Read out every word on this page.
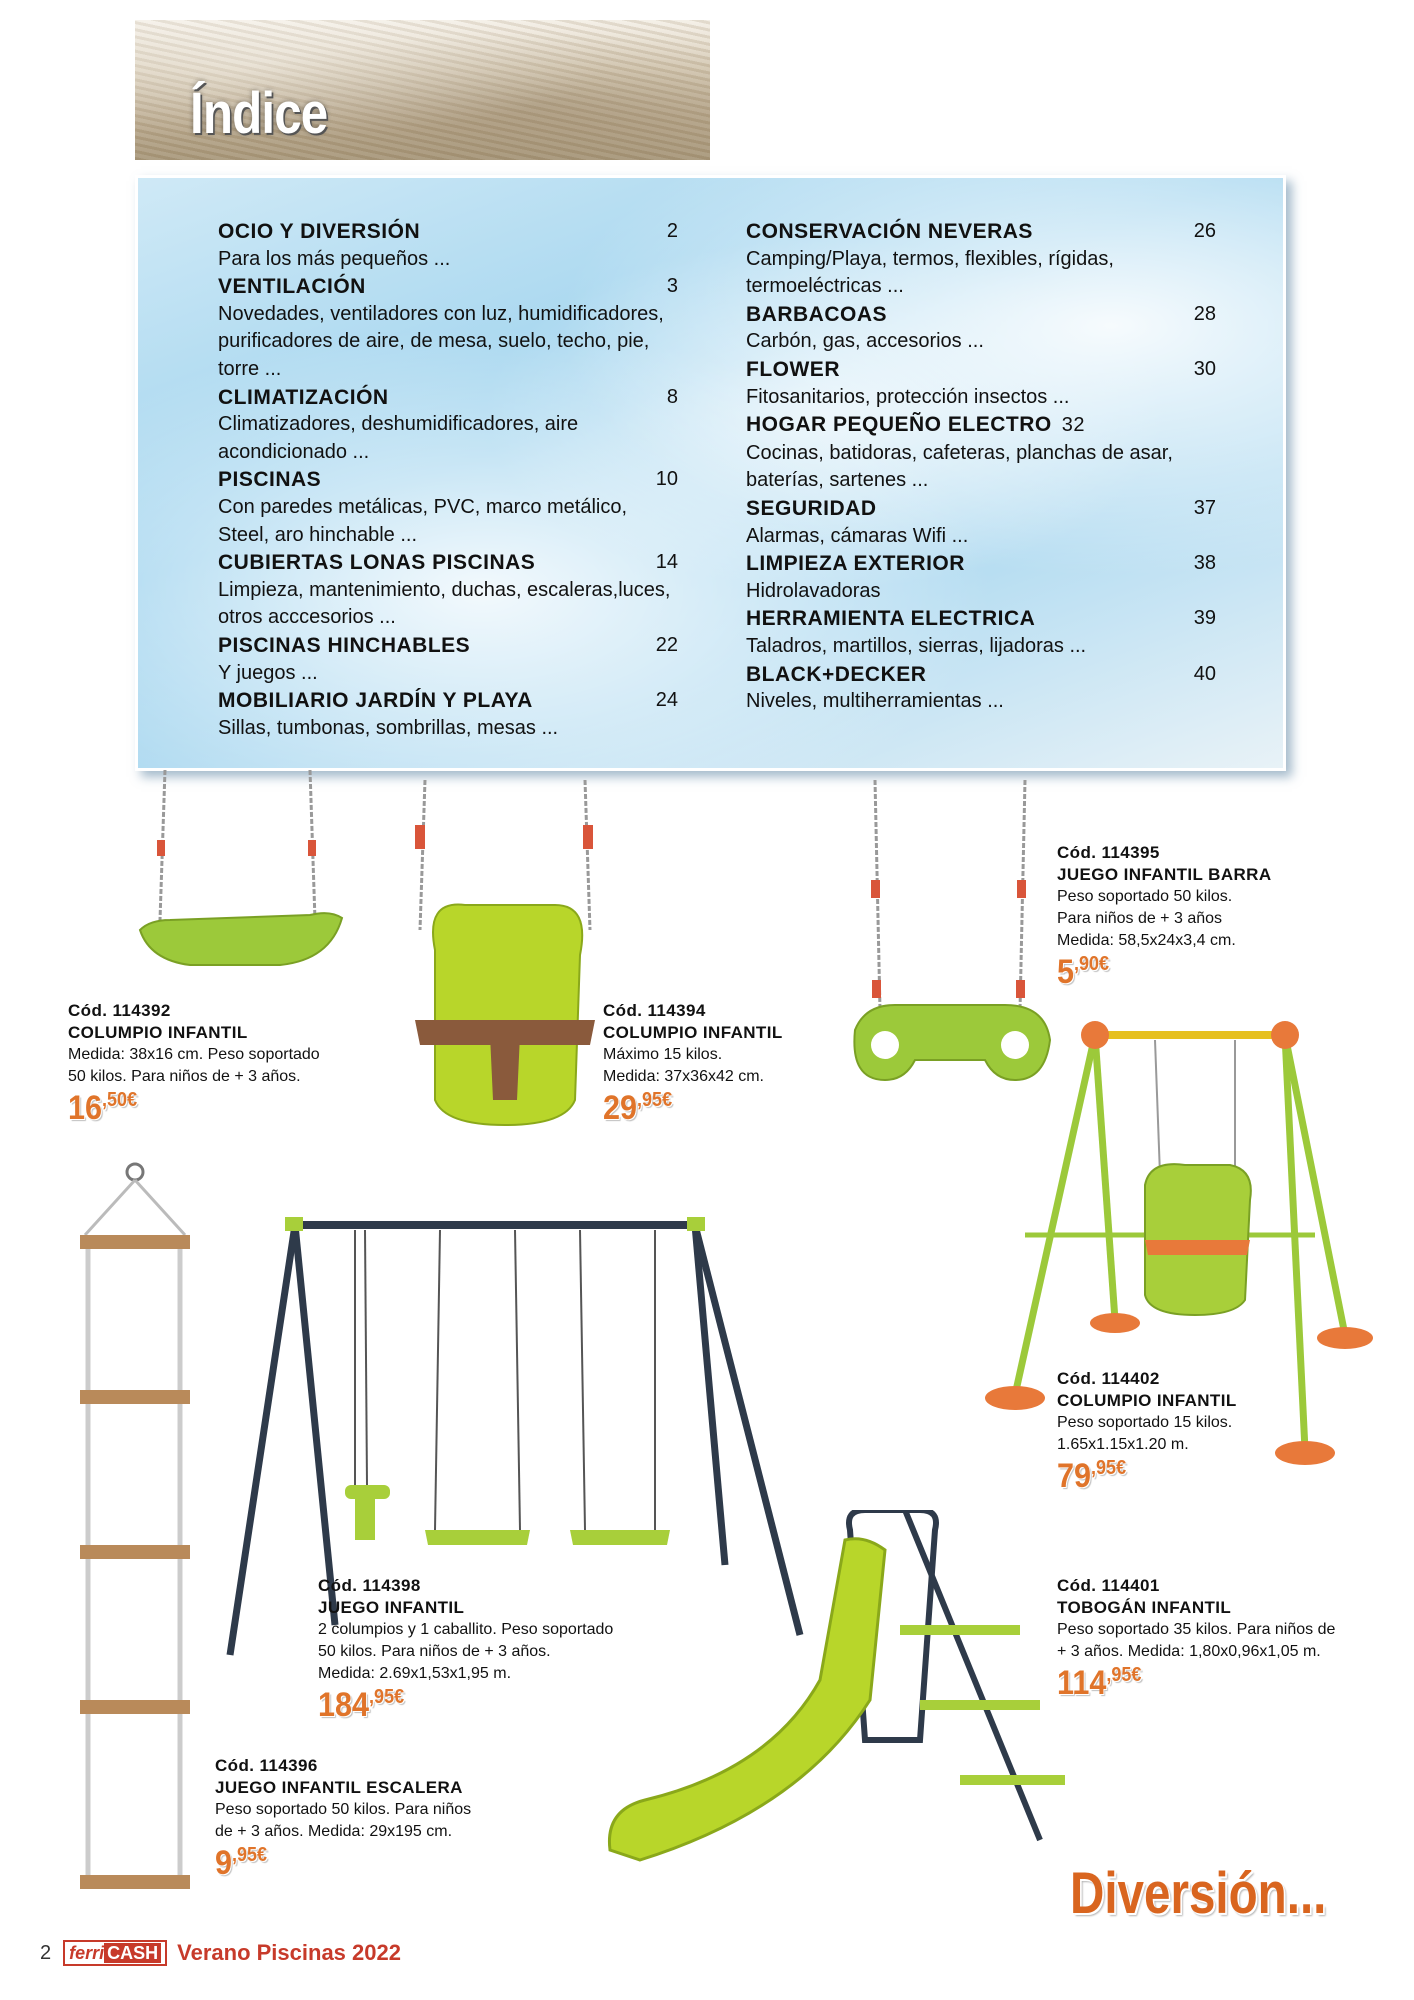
Índice
OCIO Y DIVERSIÓN	2
Para los más pequeños ...
VENTILACIÓN	3
Novedades, ventiladores con luz, humidificadores, purificadores de aire, de mesa, suelo, techo, pie, torre ...
CLIMATIZACIÓN	8
Climatizadores, deshumidificadores, aire acondicionado ...
PISCINAS	10
Con paredes metálicas, PVC, marco metálico, Steel, aro hinchable ...
CUBIERTAS LONAS PISCINAS	14
Limpieza, mantenimiento, duchas, escaleras,luces, otros acccesorios ...
PISCINAS HINCHABLES	22
Y juegos ...
MOBILIARIO JARDÍN Y PLAYA	24
Sillas, tumbonas, sombrillas, mesas ...
CONSERVACIÓN NEVERAS	26
Camping/Playa, termos, flexibles, rígidas, termoeléctricas ...
BARBACOAS	28
Carbón, gas, accesorios ...
FLOWER	30
Fitosanitarios, protección insectos ...
HOGAR PEQUEÑO ELECTRO 32
Cocinas, batidoras, cafeteras, planchas de asar, baterías, sartenes ...
SEGURIDAD	37
Alarmas, cámaras Wifi ...
LIMPIEZA EXTERIOR	38
Hidrolavadoras
HERRAMIENTA ELECTRICA	39
Taladros, martillos, sierras, lijadoras ...
BLACK+DECKER	40
Niveles, multiherramientas ...
Cód. 114392
COLUMPIO INFANTIL
Medida: 38x16 cm. Peso soportado
50 kilos. Para niños de + 3 años.
$16^{,50€}$
Cód. 114394
COLUMPIO INFANTIL
Máximo 15 kilos.
Medida: 37x36x42 cm.
$29^{,95€}$
Cód. 114395
JUEGO INFANTIL BARRA
Peso soportado 50 kilos.
Para niños de + 3 años
Medida: 58,5x24x3,4 cm.
$5^{,90€}$
Cód. 114402
COLUMPIO INFANTIL
Peso soportado 15 kilos.
1.65x1.15x1.20 m.
$79^{,95€}$
Cód. 114398
JUEGO INFANTIL
2 columpios y 1 caballito. Peso soportado
50 kilos. Para niños de + 3 años.
Medida: 2.69x1,53x1,95 m.
$184^{,95€}$
Cód. 114401
TOBOGÁN INFANTIL
Peso soportado 35 kilos. Para niños de
+ 3 años. Medida: 1,80x0,96x1,05 m.
$114^{,95€}$
Cód. 114396
JUEGO INFANTIL ESCALERA
Peso soportado 50 kilos. Para niños
de + 3 años. Medida: 29x195 cm.
$9^{,95€}$
Diversión...
2	ferri CASH Verano Piscinas 2022
